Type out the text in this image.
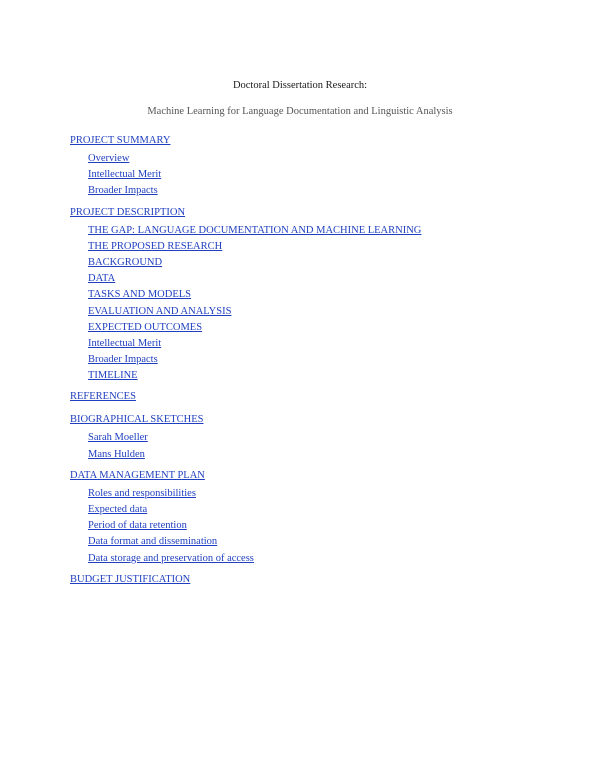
Doctoral Dissertation Research:
Machine Learning for Language Documentation and Linguistic Analysis
PROJECT SUMMARY
Overview
Intellectual Merit
Broader Impacts
PROJECT DESCRIPTION
THE GAP: LANGUAGE DOCUMENTATION AND MACHINE LEARNING
THE PROPOSED RESEARCH
BACKGROUND
DATA
TASKS AND MODELS
EVALUATION AND ANALYSIS
EXPECTED OUTCOMES
Intellectual Merit
Broader Impacts
TIMELINE
REFERENCES
BIOGRAPHICAL SKETCHES
Sarah Moeller
Mans Hulden
DATA MANAGEMENT PLAN
Roles and responsibilities
Expected data
Period of data retention
Data format and dissemination
Data storage and preservation of access
BUDGET JUSTIFICATION
